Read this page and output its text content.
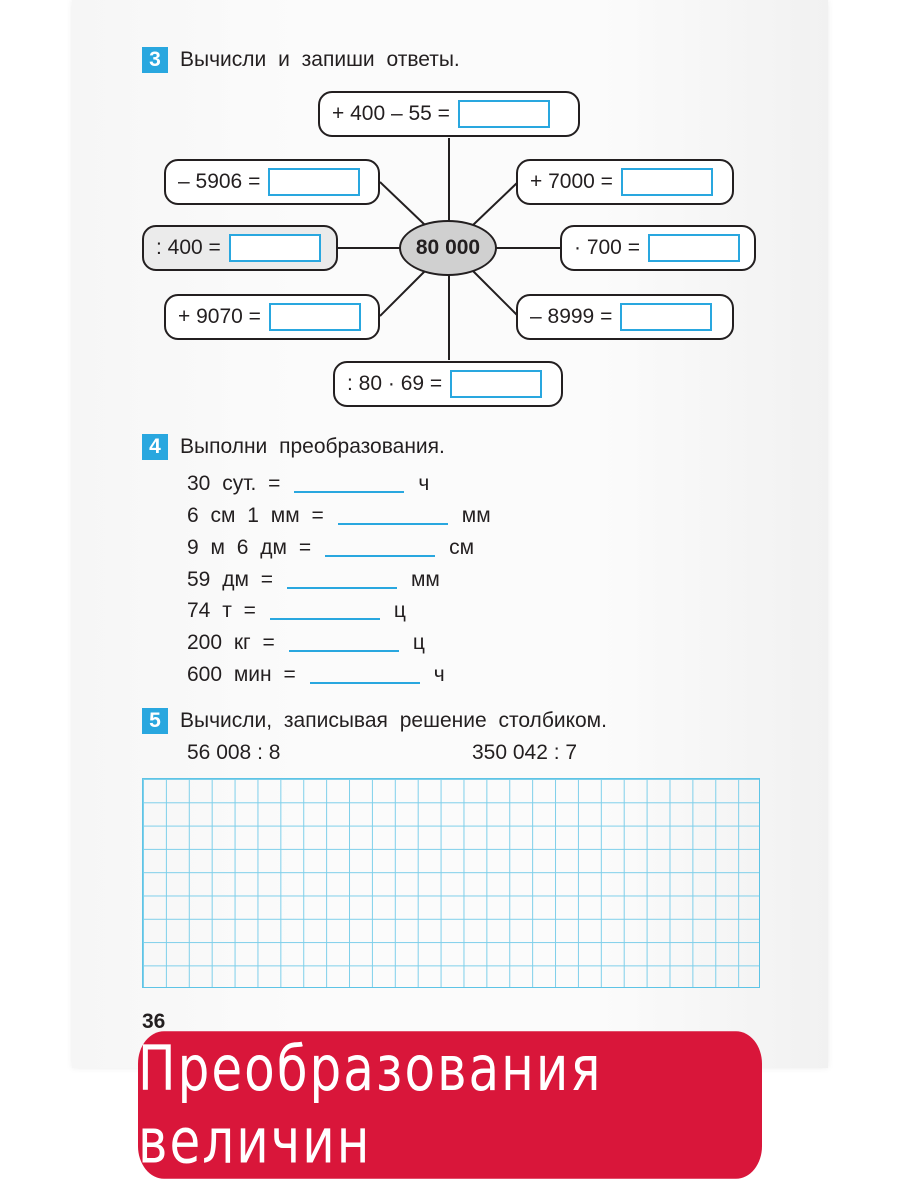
3 Вычисли и запиши ответы.
+ 400 – 55 =
– 5906 =	+ 7000 =
: 400 =	· 700 =
+ 9070 =	– 8999 =
: 80 · 69 =
80 000
4 Выполни преобразования.
30 сут. =	ч
6 см 1 мм =	мм
9 м 6 дм =	см
59 дм =	мм
74 т =	ц
200 кг =	ц
600 мин =	ч
5 Вычисли, записывая решение столбиком.
56 008 : 8	350 042 : 7
36
Преобразования величин
